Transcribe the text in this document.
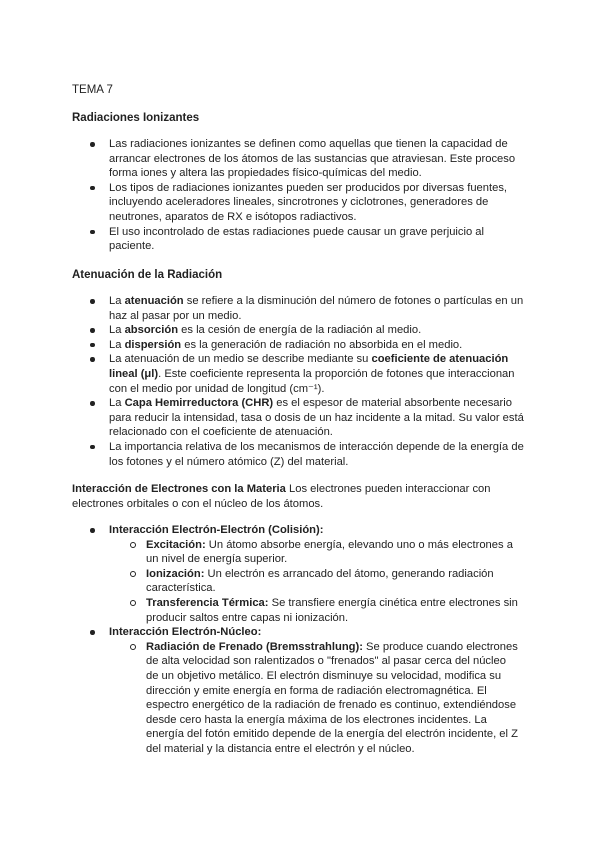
TEMA 7
Radiaciones Ionizantes
Las radiaciones ionizantes se definen como aquellas que tienen la capacidad de arrancar electrones de los átomos de las sustancias que atraviesan. Este proceso forma iones y altera las propiedades físico-químicas del medio.
Los tipos de radiaciones ionizantes pueden ser producidos por diversas fuentes, incluyendo aceleradores lineales, sincrotrones y ciclotrones, generadores de neutrones, aparatos de RX e isótopos radiactivos.
El uso incontrolado de estas radiaciones puede causar un grave perjuicio al paciente.
Atenuación de la Radiación
La atenuación se refiere a la disminución del número de fotones o partículas en un haz al pasar por un medio.
La absorción es la cesión de energía de la radiación al medio.
La dispersión es la generación de radiación no absorbida en el medio.
La atenuación de un medio se describe mediante su coeficiente de atenuación lineal (μl). Este coeficiente representa la proporción de fotones que interaccionan con el medio por unidad de longitud (cm⁻¹).
La Capa Hemirreductora (CHR) es el espesor de material absorbente necesario para reducir la intensidad, tasa o dosis de un haz incidente a la mitad. Su valor está relacionado con el coeficiente de atenuación.
La importancia relativa de los mecanismos de interacción depende de la energía de los fotones y el número atómico (Z) del material.
Interacción de Electrones con la Materia Los electrones pueden interaccionar con electrones orbitales o con el núcleo de los átomos.
Interacción Electrón-Electrón (Colisión):
Excitación: Un átomo absorbe energía, elevando uno o más electrones a un nivel de energía superior.
Ionización: Un electrón es arrancado del átomo, generando radiación característica.
Transferencia Térmica: Se transfiere energía cinética entre electrones sin producir saltos entre capas ni ionización.
Interacción Electrón-Núcleo:
Radiación de Frenado (Bremsstrahlung): Se produce cuando electrones de alta velocidad son ralentizados o "frenados" al pasar cerca del núcleo de un objetivo metálico. El electrón disminuye su velocidad, modifica su dirección y emite energía en forma de radiación electromagnética. El espectro energético de la radiación de frenado es continuo, extendiéndose desde cero hasta la energía máxima de los electrones incidentes. La energía del fotón emitido depende de la energía del electrón incidente, el Z del material y la distancia entre el electrón y el núcleo.
